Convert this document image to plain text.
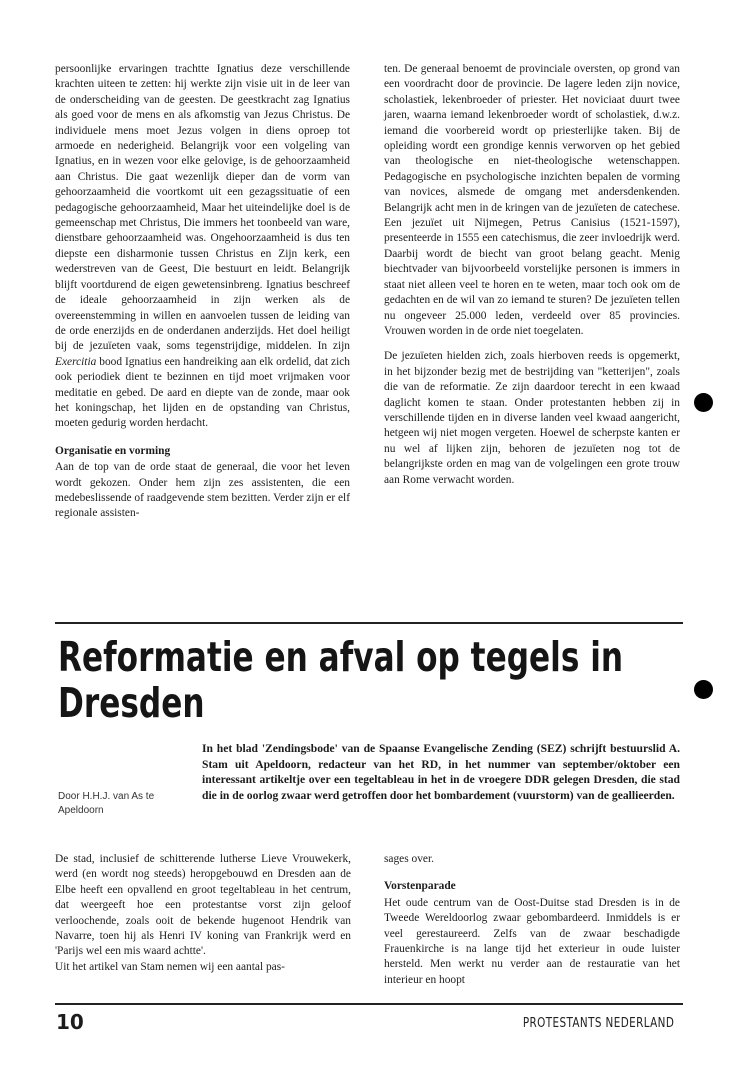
persoonlijke ervaringen trachtte Ignatius deze verschillende krachten uiteen te zetten: hij werkte zijn visie uit in de leer van de onderscheiding van de geesten. De geestkracht zag Ignatius als goed voor de mens en als afkomstig van Jezus Christus. De individuele mens moet Jezus volgen in diens oproep tot armoede en nederigheid. Belangrijk voor een volgeling van Ignatius, en in wezen voor elke gelovige, is de gehoorzaamheid aan Christus. Die gaat wezenlijk dieper dan de vorm van gehoorzaamheid die voortkomt uit een gezagssituatie of een pedagogische gehoorzaamheid, Maar het uiteindelijke doel is de gemeenschap met Christus, Die immers het toonbeeld van ware, dienstbare gehoorzaamheid was. Ongehoorzaamheid is dus ten diepste een disharmonie tussen Christus en Zijn kerk, een wederstreven van de Geest, Die bestuurt en leidt. Belangrijk blijft voortdurend de eigen gewetensinbreng. Ignatius beschreef de ideale gehoorzaamheid in zijn werken als de overeenstemming in willen en aanvoelen tussen de leiding van de orde enerzijds en de onderdanen anderzijds. Het doel heiligt bij de jezuïeten vaak, soms tegenstrijdige, middelen. In zijn Exercitia bood Ignatius een handreiking aan elk ordelid, dat zich ook periodiek dient te bezinnen en tijd moet vrijmaken voor meditatie en gebed. De aard en diepte van de zonde, maar ook het koningschap, het lijden en de opstanding van Christus, moeten gedurig worden herdacht.

Organisatie en vorming

Aan de top van de orde staat de generaal, die voor het leven wordt gekozen. Onder hem zijn zes assistenten, die een medebeslissende of raadgevende stem bezitten. Verder zijn er elf regionale assisten-

ten. De generaal benoemt de provinciale oversten, op grond van een voordracht door de provincie. De lagere leden zijn novice, scholastiek, lekenbroeder of priester. Het noviciaat duurt twee jaren, waarna iemand lekenbroeder wordt of scholastiek, d.w.z. iemand die voorbereid wordt op priesterlijke taken. Bij de opleiding wordt een grondige kennis verworven op het gebied van theologische en niet-theologische wetenschappen. Pedagogische en psychologische inzichten bepalen de vorming van novices, alsmede de omgang met andersdenkenden. Belangrijk acht men in de kringen van de jezuïeten de catechese. Een jezuïet uit Nijmegen, Petrus Canisius (1521-1597), presenteerde in 1555 een catechismus, die zeer invloedrijk werd. Daarbij wordt de biecht van groot belang geacht. Menig biechtvader van bijvoorbeeld vorstelijke personen is immers in staat niet alleen veel te horen en te weten, maar toch ook om de gedachten en de wil van zo iemand te sturen? De jezuïeten tellen nu ongeveer 25.000 leden, verdeeld over 85 provincies. Vrouwen worden in de orde niet toegelaten.

De jezuïeten hielden zich, zoals hierboven reeds is opgemerkt, in het bijzonder bezig met de bestrijding van "ketterijen", zoals die van de reformatie. Ze zijn daardoor terecht in een kwaad daglicht komen te staan. Onder protestanten hebben zij in verschillende tijden en in diverse landen veel kwaad aangericht, hetgeen wij niet mogen vergeten. Hoewel de scherpste kanten er nu wel af lijken zijn, behoren de jezuïeten nog tot de belangrijkste orden en mag van de volgelingen een grote trouw aan Rome verwacht worden.

Reformatie en afval op tegels in Dresden
Door H.H.J. van As te Apeldoorn

In het blad 'Zendingsbode' van de Spaanse Evangelische Zending (SEZ) schrijft bestuurslid A. Stam uit Apeldoorn, redacteur van het RD, in het nummer van september/oktober een interessant artikeltje over een tegeltableau in het in de vroegere DDR gelegen Dresden, die stad die in de oorlog zwaar werd getroffen door het bombardement (vuurstorm) van de geallieerden.

De stad, inclusief de schitterende lutherse Lieve Vrouwekerk, werd (en wordt nog steeds) heropgebouwd en Dresden aan de Elbe heeft een opvallend en groot tegeltableau in het centrum, dat weergeeft hoe een protestantse vorst zijn geloof verloochende, zoals ooit de bekende hugenoot Hendrik van Navarre, toen hij als Henri IV koning van Frankrijk werd en 'Parijs wel een mis waard achtte'.

Uit het artikel van Stam nemen wij een aantal pas-

sages over.

Vorstenparade

Het oude centrum van de Oost-Duitse stad Dresden is in de Tweede Wereldoorlog zwaar gebombardeerd. Inmiddels is er veel gerestaureerd. Zelfs van de zwaar beschadigde Frauenkirche is na lange tijd het exterieur in oude luister hersteld. Men werkt nu verder aan de restauratie van het interieur en hoopt

10	PROTESTANTS NEDERLAND
